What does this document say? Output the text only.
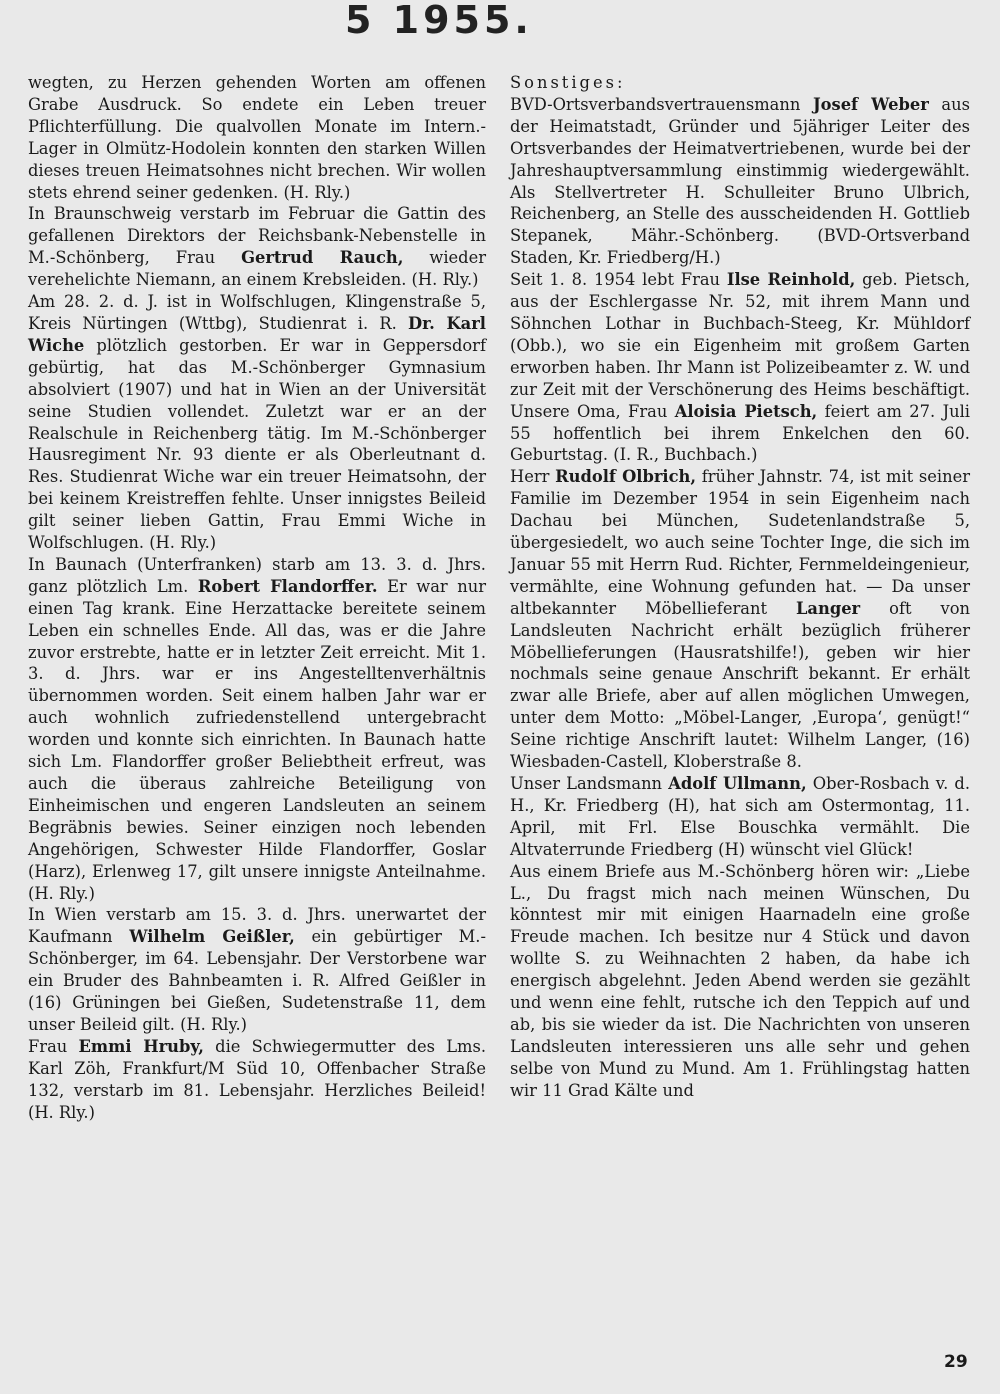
5 1955.

wegten, zu Herzen gehenden Worten am offenen Grabe Ausdruck. So endete ein Leben treuer Pflichterfüllung. Die qualvollen Monate im Intern.-Lager in Olmütz-Hodolein konnten den starken Willen dieses treuen Heimatsohnes nicht brechen. Wir wollen stets ehrend seiner gedenken. (H. Rly.)

In Braunschweig verstarb im Februar die Gattin des gefallenen Direktors der Reichsbank-Nebenstelle in M.-Schönberg, Frau Gertrud Rauch, wieder verehelichte Niemann, an einem Krebsleiden. (H. Rly.)

Am 28. 2. d. J. ist in Wolfschlugen, Klingenstraße 5, Kreis Nürtingen (Wttbg), Studienrat i. R. Dr. Karl Wiche plötzlich gestorben. Er war in Geppersdorf gebürtig, hat das M.-Schönberger Gymnasium absolviert (1907) und hat in Wien an der Universität seine Studien vollendet. Zuletzt war er an der Realschule in Reichenberg tätig. Im M.-Schönberger Hausregiment Nr. 93 diente er als Oberleutnant d. Res. Studienrat Wiche war ein treuer Heimatsohn, der bei keinem Kreistreffen fehlte. Unser innigstes Beileid gilt seiner lieben Gattin, Frau Emmi Wiche in Wolfschlugen. (H. Rly.)

In Baunach (Unterfranken) starb am 13. 3. d. Jhrs. ganz plötzlich Lm. Robert Flandorffer. Er war nur einen Tag krank. Eine Herzattacke bereitete seinem Leben ein schnelles Ende. All das, was er die Jahre zuvor erstrebte, hatte er in letzter Zeit erreicht. Mit 1. 3. d. Jhrs. war er ins Angestelltenverhältnis übernommen worden. Seit einem halben Jahr war er auch wohnlich zufriedenstellend untergebracht worden und konnte sich einrichten. In Baunach hatte sich Lm. Flandorffer großer Beliebtheit erfreut, was auch die überaus zahlreiche Beteiligung von Einheimischen und engeren Landsleuten an seinem Begräbnis bewies. Seiner einzigen noch lebenden Angehörigen, Schwester Hilde Flandorffer, Goslar (Harz), Erlenweg 17, gilt unsere innigste Anteilnahme. (H. Rly.)

In Wien verstarb am 15. 3. d. Jhrs. unerwartet der Kaufmann Wilhelm Geißler, ein gebürtiger M.-Schönberger, im 64. Lebensjahr. Der Verstorbene war ein Bruder des Bahnbeamten i. R. Alfred Geißler in (16) Grüningen bei Gießen, Sudetenstraße 11, dem unser Beileid gilt. (H. Rly.)

Frau Emmi Hruby, die Schwiegermutter des Lms. Karl Zöh, Frankfurt/M Süd 10, Offenbacher Straße 132, verstarb im 81. Lebensjahr. Herzliches Beileid! (H. Rly.)

Sonstiges:

BVD-Ortsverbandsvertrauensmann Josef Weber aus der Heimatstadt, Gründer und 5jähriger Leiter des Ortsverbandes der Heimatvertriebenen, wurde bei der Jahreshauptversammlung einstimmig wiedergewählt. Als Stellvertreter H. Schulleiter Bruno Ulbrich, Reichenberg, an Stelle des ausscheidenden H. Gottlieb Stepanek, Mähr.-Schönberg. (BVD-Ortsverband Staden, Kr. Friedberg/H.)

Seit 1. 8. 1954 lebt Frau Ilse Reinhold, geb. Pietsch, aus der Eschlergasse Nr. 52, mit ihrem Mann und Söhnchen Lothar in Buchbach-Steeg, Kr. Mühldorf (Obb.), wo sie ein Eigenheim mit großem Garten erworben haben. Ihr Mann ist Polizeibeamter z. W. und zur Zeit mit der Verschönerung des Heims beschäftigt. Unsere Oma, Frau Aloisia Pietsch, feiert am 27. Juli 55 hoffentlich bei ihrem Enkelchen den 60. Geburtstag. (I. R., Buchbach.)

Herr Rudolf Olbrich, früher Jahnstr. 74, ist mit seiner Familie im Dezember 1954 in sein Eigenheim nach Dachau bei München, Sudetenlandstraße 5, übergesiedelt, wo auch seine Tochter Inge, die sich im Januar 55 mit Herrn Rud. Richter, Fernmeldeingenieur, vermählte, eine Wohnung gefunden hat. — Da unser altbekannter Möbellieferant Langer oft von Landsleuten Nachricht erhält bezüglich früherer Möbellieferungen (Hausratshilfe!), geben wir hier nochmals seine genaue Anschrift bekannt. Er erhält zwar alle Briefe, aber auf allen möglichen Umwegen, unter dem Motto: „Möbel-Langer, ‚Europa‘, genügt!“ Seine richtige Anschrift lautet: Wilhelm Langer, (16) Wiesbaden-Castell, Kloberstraße 8.

Unser Landsmann Adolf Ullmann, Ober-Rosbach v. d. H., Kr. Friedberg (H), hat sich am Ostermontag, 11. April, mit Frl. Else Bouschka vermählt. Die Altvaterrunde Friedberg (H) wünscht viel Glück!

Aus einem Briefe aus M.-Schönberg hören wir: „Liebe L., Du fragst mich nach meinen Wünschen, Du könntest mir mit einigen Haarnadeln eine große Freude machen. Ich besitze nur 4 Stück und davon wollte S. zu Weihnachten 2 haben, da habe ich energisch abgelehnt. Jeden Abend werden sie gezählt und wenn eine fehlt, rutsche ich den Teppich auf und ab, bis sie wieder da ist. Die Nachrichten von unseren Landsleuten interessieren uns alle sehr und gehen selbe von Mund zu Mund. Am 1. Frühlingstag hatten wir 11 Grad Kälte und

29
